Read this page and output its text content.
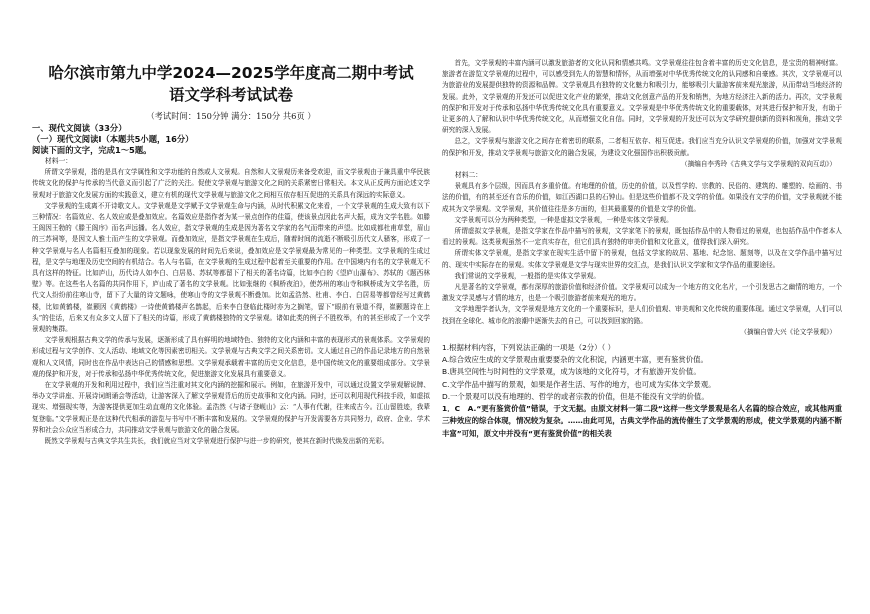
哈尔滨市第九中学2024—2025学年度高二期中考试
语文学科考试试卷

（考试时间：150分钟 满分：150分 共6页 ）

一、现代文阅读（33分）

（一）现代文阅读Ⅰ（本题共5小题，16分）

阅读下面的文字，完成1～5题。

材料一：

所谓文学景观，指的是具有文学属性和文学功能的自然或人文景观。自然和人文景观历来备受欢迎，而文学景观由于兼具重中华民族传统文化的保护与传承的当代意义而引起了广泛的关注。促使文学景观与旅游文化之间的关系紧密日常相关。本文从正反两方面论述文学景观对于旅游文化发展方面的实践意义，建立有机的现代文学景观与旅游文化之间相互依存相互促进的关系具有深远的实际意义。

文学景观的生成离不开诗歌文人。文学景观是文学赋予文学景观生命与内涵，从时代积累文化来看，一个文学景观的生成大致有以下三种情况：名篇效应、名人效应或是叠加效应。名篇效应是指作者为某一景点创作的佳篇，使该景点因此名声大振，成为文学名胜。如滕王阁因王勃的《滕王阁序》而名声远播。名人效应，指文学景观的生成是因为著名文学家的名气而带来的声望。比如成都杜甫草堂，眉山的三苏祠等，是因文人雅士而产生的文学景观。而叠加效应，是指文学景观在生成后，随着时间的流逝不断吸引历代文人骚客，形成了一种文学景观与名人名篇相互叠加的现象。若以现象发展的时间先后来说，叠加效应是文学景观最为常见的一种类型。文学景观的生成过程，是文学与地理及历史空间的有机结合。名人与名篇，在文学景观的生成过程中起着至关重要的作用。在中国境内有名的文学景观无不具有这样的特征。比如庐山，历代诗人如李白、白居易、苏轼等都留下了相关的著名诗篇，比如李白的《望庐山瀑布》、苏轼的《题西林壁》等。在这些名人名篇的共同作用下，庐山成了著名的文学景观。比如张继的《枫桥夜泊》，使苏州的寒山寺和枫桥成为文学名胜，历代文人纷纷前往寒山寺，留下了大量的诗文题咏，使寒山寺的文学景观不断叠加。比如孟浩然、杜甫、李白、白居易等都曾经写过黄鹤楼，比如黄鹤楼，崔颢因《黄鹤楼》一诗使黄鹤楼声名鹊起，后来李白登临此楼时亦为之搁笔，留下“眼前有景道不得，崔颢题诗在上头”的佳话，后来又有众多文人留下了相关的诗篇，形成了黄鹤楼独特的文学景观。诸如此类的例子不胜枚举，有的甚至形成了一个文学景观的集群。

文学景观根据古典文学的传承与发展，逐渐形成了具有鲜明的地域特色、独特的文化内涵和丰富的表现形式的景观体系。文学景观的形成过程与文学创作、文人活动、地域文化等因素密切相关。文学景观与古典文学之间关系密切。文人通过自己的作品记录地方的自然景观和人文风情，同时也在作品中表达自己的情感和思想。文学景观承载着丰富的历史文化信息，是中国传统文化的重要组成部分。文学景观的保护和开发，对于传承和弘扬中华优秀传统文化，促进旅游文化发展具有重要意义。

在文学景观的开发和利用过程中，我们应当注重对其文化内涵的挖掘和展示。例如，在旅游开发中，可以通过设置文学景观解说牌、举办文学讲座、开展诗词朗诵会等活动，让游客深入了解文学景观背后的历史故事和文化内涵。同时，还可以利用现代科技手段，如虚拟现实、增强现实等，为游客提供更加生动直观的文化体验。孟浩然《与诸子登岘山》云：“人事有代谢，往来成古今。江山留胜迹，我辈复登临。”文学景观正是在这种代代相承的游览与书写中不断丰富和发展的。文学景观的保护与开发需要各方共同努力，政府、企业、学术界和社会公众应当形成合力，共同推动文学景观与旅游文化的融合发展。

既然文学景观与古典文学共生共长，我们就应当对文学景观进行保护与进一步的研究，使其在新时代焕发出新的光彩。

首先，文学景观的丰富内涵可以激发旅游者的文化认同和情感共鸣。文学景观往往包含着丰富的历史文化信息，是宝贵的精神财富。旅游者在游览文学景观的过程中，可以感受到先人的智慧和情怀，从而增强对中华优秀传统文化的认同感和自豪感。其次，文学景观可以为旅游业的发展提供独特的资源和品牌。文学景观具有独特的文化魅力和吸引力，能够吸引大量游客前来观光旅游，从而带动当地经济的发展。此外，文学景观的开发还可以促进文化产业的繁荣，推动文化创意产品的开发和销售，为地方经济注入新的活力。再次，文学景观的保护和开发对于传承和弘扬中华优秀传统文化具有重要意义。文学景观是中华优秀传统文化的重要载体，对其进行保护和开发，有助于让更多的人了解和认识中华优秀传统文化，从而增强文化自信。同时，文学景观的开发还可以为文学研究提供新的资料和视角，推动文学研究的深入发展。

总之，文学景观与旅游文化之间存在着密切的联系，二者相互依存、相互促进。我们应当充分认识文学景观的价值，加强对文学景观的保护和开发，推动文学景观与旅游文化的融合发展，为建设文化强国作出积极贡献。

（摘编自李秀玲《古典文学与文学景观的双向互动》）

材料二：

景观具有多个层级，因而具有多重价值。有地理的价值，历史的价值，以及哲学的、宗教的、民俗的、建筑的、雕塑的、绘画的、书法的价值，有的甚至还有音乐的价值，如江西湖口县的石钟山。但是这些价值都不及文学的价值。如果没有文学的价值，文学景观就不能成其为文学景观。文学景观，其价值往往是多方面的，但其最重要的价值是文学的价值。

文学景观可以分为两种类型，一种是虚拟文学景观，一种是实体文学景观。

所谓虚拟文学景观，是指文学家在作品中描写的景观，文学家笔下的景观，既包括作品中的人物看过的景观，也包括作品中作者本人看过的景观。这类景观虽然不一定真实存在，但它们具有独特的审美价值和文化意义，值得我们深入研究。

所谓实体文学景观，是指文学家在现实生活中留下的景观，包括文学家的故居、墓地、纪念馆、题刻等，以及在文学作品中描写过的、现实中实际存在的景观。实体文学景观是文学与现实世界的交汇点，是我们认识文学家和文学作品的重要途径。

我们常说的文学景观，一般指的是实体文学景观。

凡是著名的文学景观，都有深厚的旅游价值和经济价值。文学景观可以成为一个地方的文化名片，一个引发思古之幽情的地方，一个激发文学灵感与才情的地方，也是一个吸引旅游者前来观光的地方。

文学地理学者认为，文学景观是地方文化的一个重要标识，是人们价值观、审美观和文化传统的重要体现。通过文学景观，人们可以找到在全球化、城市化的浪潮中逐渐失去的自己，可以找到回家的路。

（摘编自曾大兴《论文学景观》）

1.根据材料内容，下列说法正确的一项是（2分）（ ）

A.综合效应生成的文学景观由重要要杂的文化积淀，内涵更丰富，更有鉴赏价值。

B.唐具空间性与时间性的文学景观，成为该地的文化符号，才有旅游开发价值。

C.文学作品中描写的景观，如果是作者生活、写作的地方，也可成为实体文学景观。

D.一个景观可以没有地理的、哲学的或者宗教的价值，但是不能没有文学的价值。

1．C　A.“更有鉴赏价值”错误，于文无据。由原文材料一第二段“这样一些文学景观是名人名篇的综合效应，或其他两重三种效应的综合体现，情况较为复杂。……由此可见，古典文学作品的流传催生了文学景观的形成，使文学景观的内涵不断丰富”可知，原文中并没有“更有鉴赏价值”的相关表
